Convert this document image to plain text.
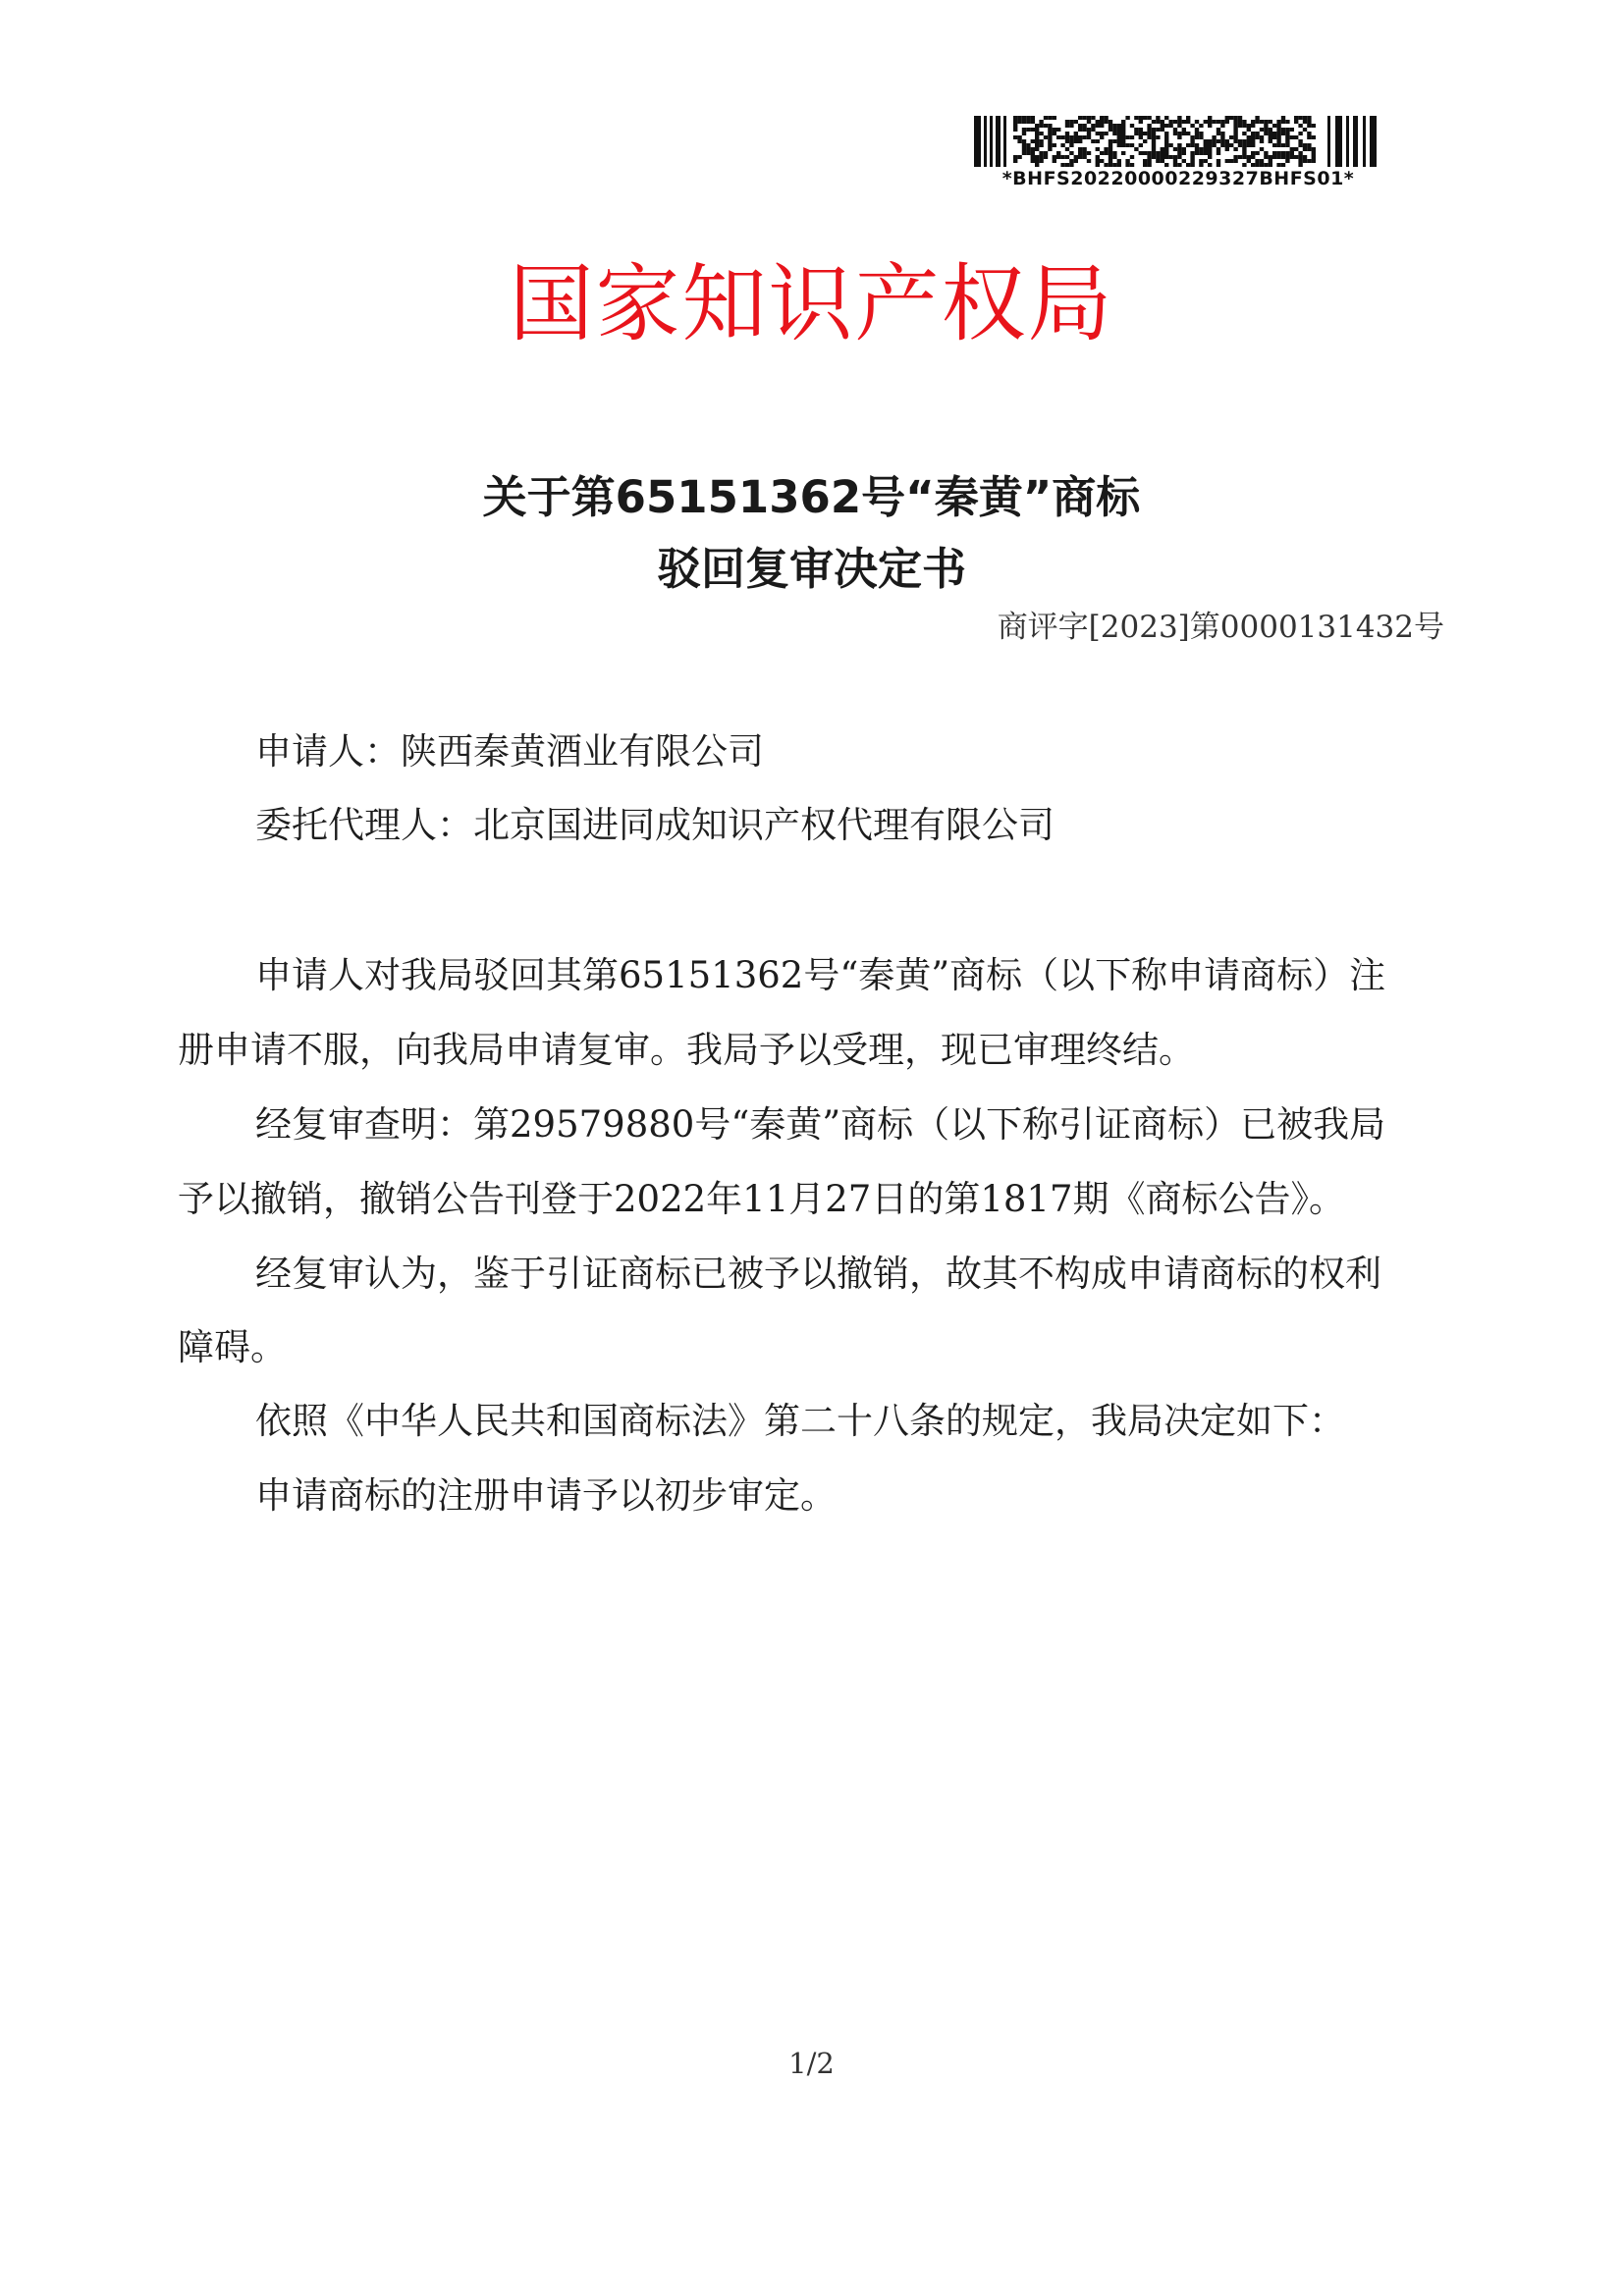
*BHFS20220000229327BHFS01*
国家知识产权局
关于第65151362号“秦黄”商标
驳回复审决定书
商评字[2023]第0000131432号
申请人：陕西秦黄酒业有限公司
委托代理人：北京国进同成知识产权代理有限公司
申请人对我局驳回其第65151362号“秦黄”商标（以下称申请商标）注
册申请不服，向我局申请复审。我局予以受理，现已审理终结。
经复审查明：第29579880号“秦黄”商标（以下称引证商标）已被我局
予以撤销，撤销公告刊登于2022年11月27日的第1817期《商标公告》。
经复审认为，鉴于引证商标已被予以撤销，故其不构成申请商标的权利
障碍。
依照《中华人民共和国商标法》第二十八条的规定，我局决定如下：
申请商标的注册申请予以初步审定。
1/2
